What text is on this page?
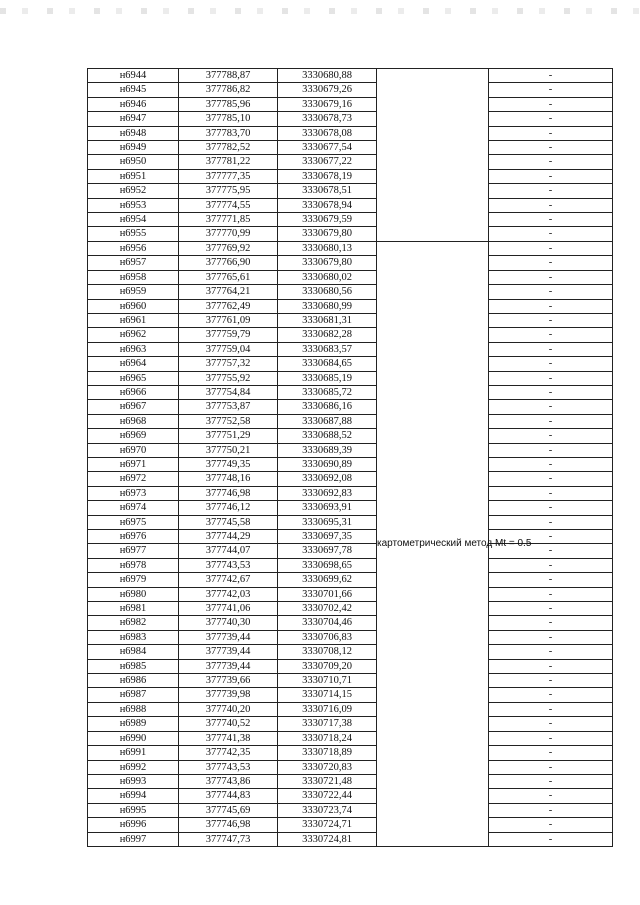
н6944	377788,87	3330680,88		-
н6945	377786,82	3330679,26		-
н6946	377785,96	3330679,16		-
н6947	377785,10	3330678,73		-
н6948	377783,70	3330678,08		-
н6949	377782,52	3330677,54		-
н6950	377781,22	3330677,22		-
н6951	377777,35	3330678,19		-
н6952	377775,95	3330678,51		-
н6953	377774,55	3330678,94		-
н6954	377771,85	3330679,59		-
н6955	377770,99	3330679,80		-
н6956	377769,92	3330680,13	картометрический метод Mt = 0.5	-
н6957	377766,90	3330679,80		-
н6958	377765,61	3330680,02		-
н6959	377764,21	3330680,56		-
н6960	377762,49	3330680,99		-
н6961	377761,09	3330681,31		-
н6962	377759,79	3330682,28		-
н6963	377759,04	3330683,57		-
н6964	377757,32	3330684,65		-
н6965	377755,92	3330685,19		-
н6966	377754,84	3330685,72		-
н6967	377753,87	3330686,16		-
н6968	377752,58	3330687,88		-
н6969	377751,29	3330688,52		-
н6970	377750,21	3330689,39		-
н6971	377749,35	3330690,89		-
н6972	377748,16	3330692,08		-
н6973	377746,98	3330692,83		-
н6974	377746,12	3330693,91		-
н6975	377745,58	3330695,31		-
н6976	377744,29	3330697,35		-
н6977	377744,07	3330697,78		-
н6978	377743,53	3330698,65		-
н6979	377742,67	3330699,62		-
н6980	377742,03	3330701,66		-
н6981	377741,06	3330702,42		-
н6982	377740,30	3330704,46		-
н6983	377739,44	3330706,83		-
н6984	377739,44	3330708,12		-
н6985	377739,44	3330709,20		-
н6986	377739,66	3330710,71		-
н6987	377739,98	3330714,15		-
н6988	377740,20	3330716,09		-
н6989	377740,52	3330717,38		-
н6990	377741,38	3330718,24		-
н6991	377742,35	3330718,89		-
н6992	377743,53	3330720,83		-
н6993	377743,86	3330721,48		-
н6994	377744,83	3330722,44		-
н6995	377745,69	3330723,74		-
н6996	377746,98	3330724,71		-
н6997	377747,73	3330724,81		-
